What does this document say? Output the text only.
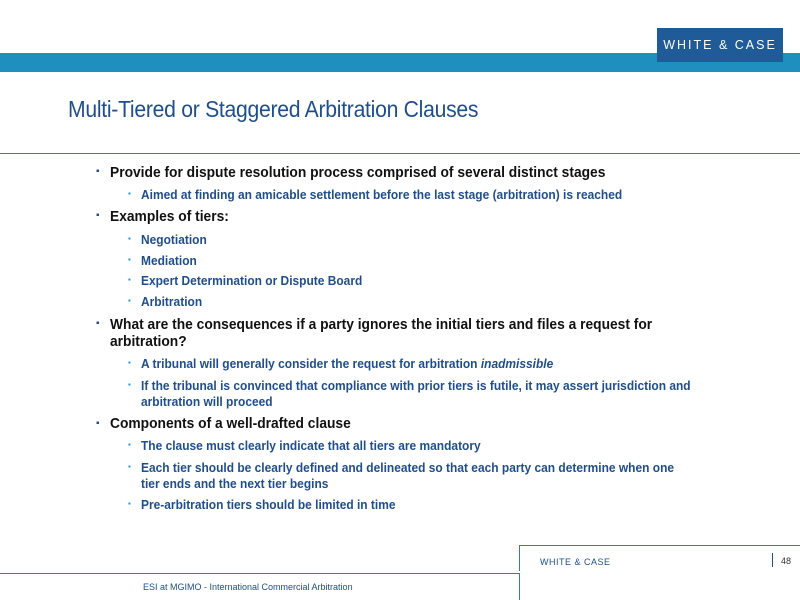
WHITE & CASE
Multi-Tiered or Staggered Arbitration Clauses
▪ Provide for dispute resolution process comprised of several distinct stages
▪ Aimed at finding an amicable settlement before the last stage (arbitration) is reached
▪ Examples of tiers:
▪ Negotiation
▪ Mediation
▪ Expert Determination or Dispute Board
▪ Arbitration
▪ What are the consequences if a party ignores the initial tiers and files a request for
arbitration?
▪ A tribunal will generally consider the request for arbitration inadmissible
▪ If the tribunal is convinced that compliance with prior tiers is futile, it may assert jurisdiction and
arbitration will proceed
▪ Components of a well-drafted clause
▪ The clause must clearly indicate that all tiers are mandatory
▪ Each tier should be clearly defined and delineated so that each party can determine when one
tier ends and the next tier begins
▪ Pre-arbitration tiers should be limited in time
WHITE & CASE	48
ESI at MGIMO - International Commercial Arbitration
